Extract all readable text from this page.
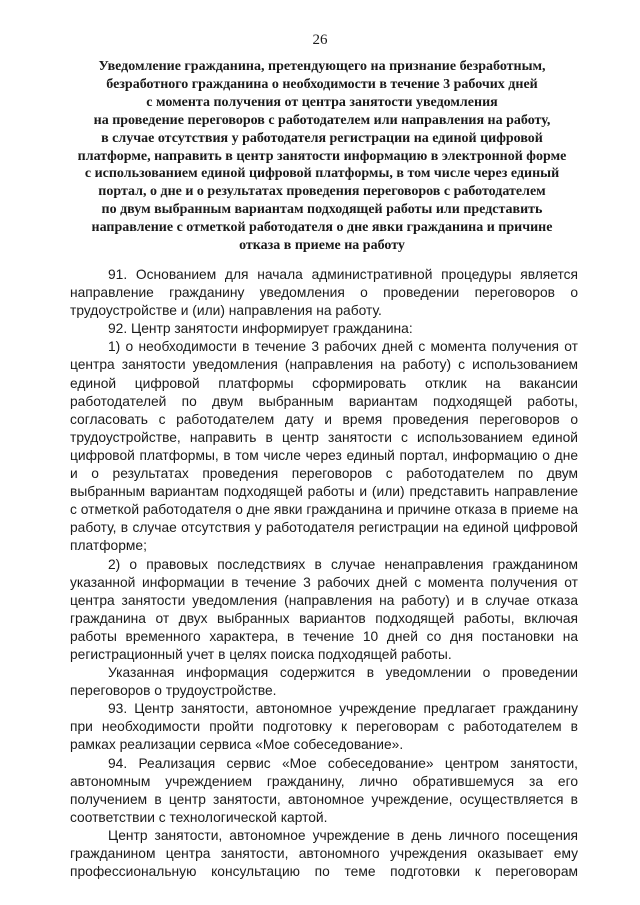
26
Уведомление гражданина, претендующего на признание безработным,
безработного гражданина о необходимости в течение 3 рабочих дней
с момента получения от центра занятости уведомления
на проведение переговоров с работодателем или направления на работу,
в случае отсутствия у работодателя регистрации на единой цифровой
платформе, направить в центр занятости информацию в электронной форме
с использованием единой цифровой платформы, в том числе через единый
портал, о дне и о результатах проведения переговоров с работодателем
по двум выбранным вариантам подходящей работы или представить
направление с отметкой работодателя о дне явки гражданина и причине
отказа в приеме на работу

91. Основанием для начала административной процедуры является направление гражданину уведомления о проведении переговоров о трудоустройстве и (или) направления на работу.

92. Центр занятости информирует гражданина:

1) о необходимости в течение 3 рабочих дней с момента получения от центра занятости уведомления (направления на работу) с использованием единой цифровой платформы сформировать отклик на вакансии работодателей по двум выбранным вариантам подходящей работы, согласовать с работодателем дату и время проведения переговоров о трудоустройстве, направить в центр занятости с использованием единой цифровой платформы, в том числе через единый портал, информацию о дне и о результатах проведения переговоров с работодателем по двум выбранным вариантам подходящей работы и (или) представить направление с отметкой работодателя о дне явки гражданина и причине отказа в приеме на работу, в случае отсутствия у работодателя регистрации на единой цифровой платформе;

2) о правовых последствиях в случае ненаправления гражданином указанной информации в течение 3 рабочих дней с момента получения от центра занятости уведомления (направления на работу) и в случае отказа гражданина от двух выбранных вариантов подходящей работы, включая работы временного характера, в течение 10 дней со дня постановки на регистрационный учет в целях поиска подходящей работы.

Указанная информация содержится в уведомлении о проведении переговоров о трудоустройстве.

93. Центр занятости, автономное учреждение предлагает гражданину при необходимости пройти подготовку к переговорам с работодателем в рамках реализации сервиса «Мое собеседование».

94. Реализация сервис «Мое собеседование» центром занятости, автономным учреждением гражданину, лично обратившемуся за его получением в центр занятости, автономное учреждение, осуществляется в соответствии с технологической картой.

Центр занятости, автономное учреждение в день личного посещения гражданином центра занятости, автономного учреждения оказывает ему профессиональную консультацию по теме подготовки к переговорам
